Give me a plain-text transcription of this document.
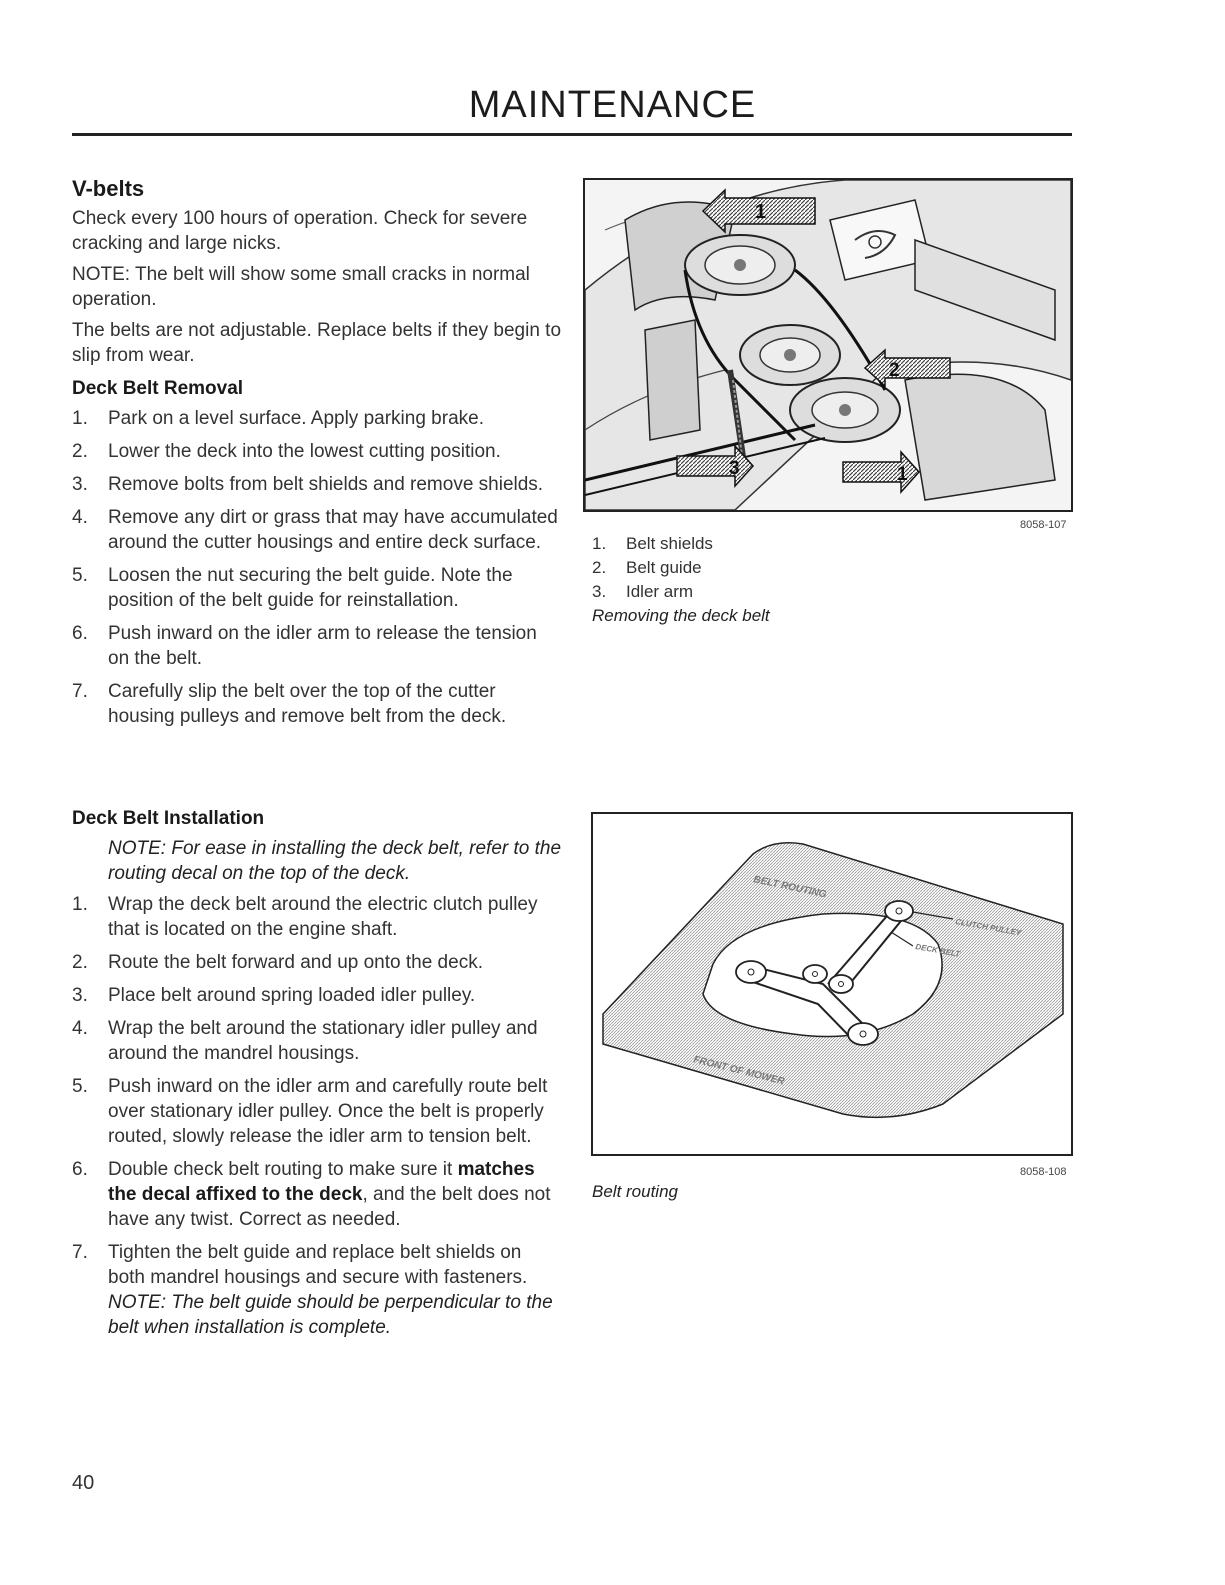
MAINTENANCE
V-belts

Check every 100 hours of operation. Check for severe cracking and large nicks.

NOTE: The belt will show some small cracks in normal operation.

The belts are not adjustable. Replace belts if they begin to slip from wear.

Deck Belt Removal
1. Park on a level surface. Apply parking brake.
2. Lower the deck into the lowest cutting position.
3. Remove bolts from belt shields and remove shields.
4. Remove any dirt or grass that may have accumulated around the cutter housings and entire deck surface.
5. Loosen the nut securing the belt guide. Note the position of the belt guide for reinstallation.
6. Push inward on the idler arm to release the tension on the belt.
7. Carefully slip the belt over the top of the cutter housing pulleys and remove belt from the deck.
1
2
3	1
8058-107
1. Belt shields
2. Belt guide
3. Idler arm
Removing the deck belt
Deck Belt Installation
NOTE: For ease in installing the deck belt, refer to the routing decal on the top of the deck.
1. Wrap the deck belt around the electric clutch pulley that is located on the engine shaft.
2. Route the belt forward and up onto the deck.
3. Place belt around spring loaded idler pulley.
4. Wrap the belt around the stationary idler pulley and around the mandrel housings.
5. Push inward on the idler arm and carefully route belt over stationary idler pulley. Once the belt is properly routed, slowly release the idler arm to tension belt.
6. Double check belt routing to make sure it matches the decal affixed to the deck, and the belt does not have any twist. Correct as needed.
7. Tighten the belt guide and replace belt shields on both mandrel housings and secure with fasteners.
NOTE: The belt guide should be perpendicular to the belt when installation is complete.
BELT ROUTING
CLUTCH PULLEY
DECK BELT
FRONT OF MOWER
8058-108
Belt routing
40
